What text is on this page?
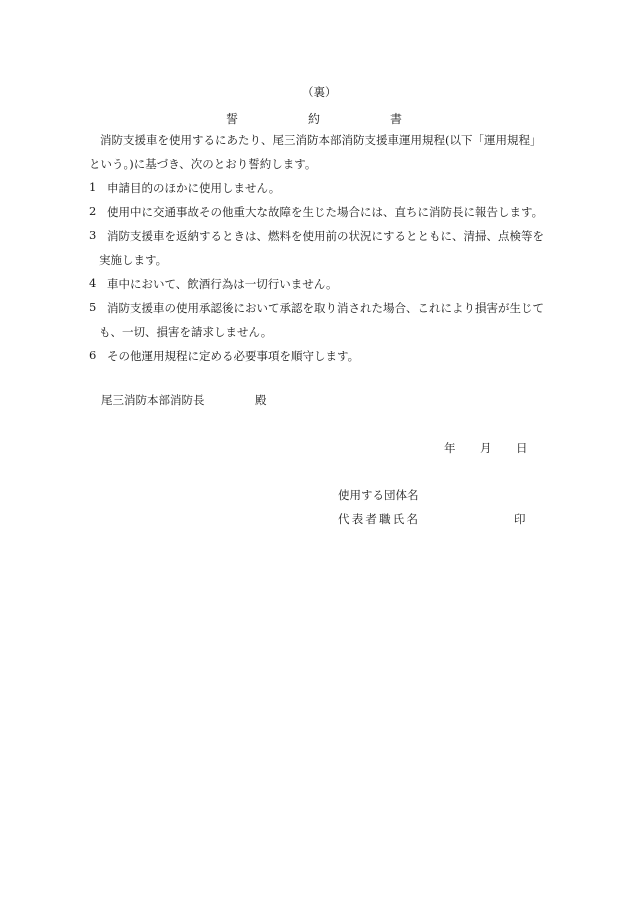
（裏）
誓	約	書
消防支援車を使用するにあたり、尾三消防本部消防支援車運用規程(以下「運用規程」
という。)に基づき、次のとおり誓約します。
1 申請目的のほかに使用しません。
2 使用中に交通事故その他重大な故障を生じた場合には、直ちに消防長に報告します。
3 消防支援車を返納するときは、燃料を使用前の状況にするとともに、清掃、点検等を
実施します。
4 車中において、飲酒行為は一切行いません。
5 消防支援車の使用承認後において承認を取り消された場合、これにより損害が生じて
も、一切、損害を請求しません。
6 その他運用規程に定める必要事項を順守します。
尾三消防本部消防長	殿
年 月 日
使用する団体名
代表者職氏名	印
